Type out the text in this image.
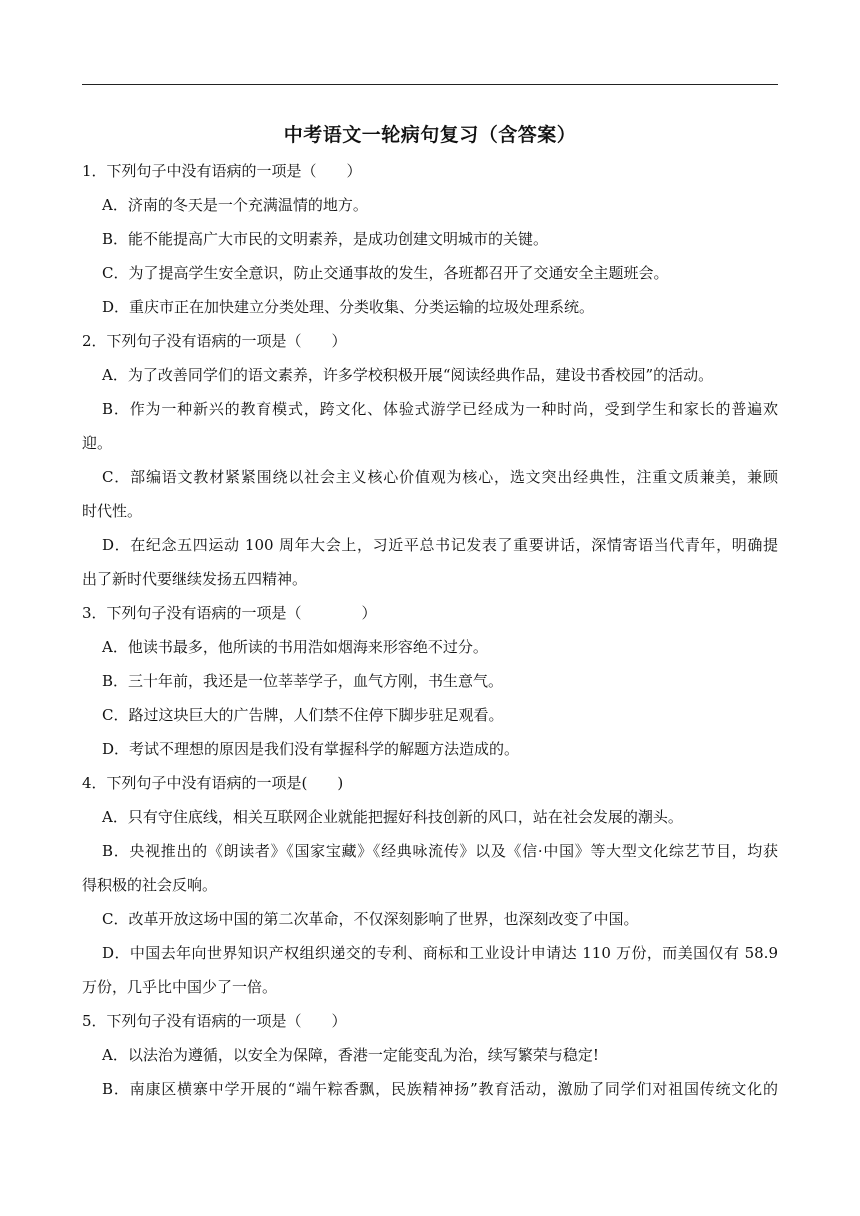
中考语文一轮病句复习（含答案）
1．下列句子中没有语病的一项是（　　）
A．济南的冬天是一个充满温情的地方。
B．能不能提高广大市民的文明素养，是成功创建文明城市的关键。
C．为了提高学生安全意识，防止交通事故的发生，各班都召开了交通安全主题班会。
D．重庆市正在加快建立分类处理、分类收集、分类运输的垃圾处理系统。
2．下列句子没有语病的一项是（　　）
A．为了改善同学们的语文素养，许多学校积极开展“阅读经典作品，建设书香校园”的活动。
B．作为一种新兴的教育模式，跨文化、体验式游学已经成为一种时尚，受到学生和家长的普遍欢
迎。
C．部编语文教材紧紧围绕以社会主义核心价值观为核心，选文突出经典性，注重文质兼美，兼顾
时代性。
D．在纪念五四运动 100 周年大会上，习近平总书记发表了重要讲话，深情寄语当代青年，明确提
出了新时代要继续发扬五四精神。
3．下列句子没有语病的一项是（　　　　）
A．他读书最多，他所读的书用浩如烟海来形容绝不过分。
B．三十年前，我还是一位莘莘学子，血气方刚，书生意气。
C．路过这块巨大的广告牌，人们禁不住停下脚步驻足观看。
D．考试不理想的原因是我们没有掌握科学的解题方法造成的。
4．下列句子中没有语病的一项是(　　)
A．只有守住底线，相关互联网企业就能把握好科技创新的风口，站在社会发展的潮头。
B．央视推出的《朗读者》《国家宝藏》《经典咏流传》以及《信·中国》等大型文化综艺节目，均获
得积极的社会反响。
C．改革开放这场中国的第二次革命，不仅深刻影响了世界，也深刻改变了中国。
D．中国去年向世界知识产权组织递交的专利、商标和工业设计申请达 110 万份，而美国仅有 58.9
万份，几乎比中国少了一倍。
5．下列句子没有语病的一项是（　　）
A．以法治为遵循，以安全为保障，香港一定能变乱为治，续写繁荣与稳定!
B．南康区横寨中学开展的“端午粽香飘，民族精神扬”教育活动，激励了同学们对祖国传统文化的
